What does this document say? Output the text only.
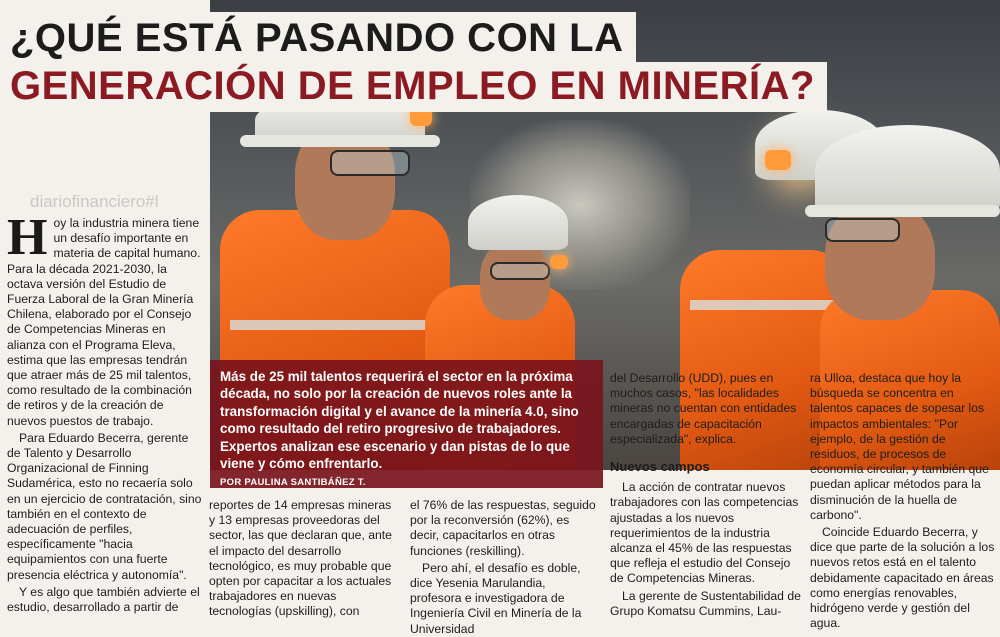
¿QUÉ ESTÁ PASANDO CON LA
GENERACIÓN DE EMPLEO EN MINERÍA?
diariofinanciero#l

Hoy la industria minera tiene un desafío importante en materia de capital humano. Para la década 2021-2030, la octava versión del Estudio de Fuerza Laboral de la Gran Minería Chilena, elaborado por el Consejo de Competencias Mineras en alianza con el Programa Eleva, estima que las empresas tendrán que atraer más de 25 mil talentos, como resultado de la combinación de retiros y de la creación de nuevos puestos de trabajo.

Para Eduardo Becerra, gerente de Talento y Desarrollo Organizacional de Finning Sudamérica, esto no recaería solo en un ejercicio de contratación, sino también en el contexto de adecuación de perfiles, específicamente "hacia equipamientos con una fuerte presencia eléctrica y autonomía".

Y es algo que también advierte el estudio, desarrollado a partir de

Más de 25 mil talentos requerirá el sector en la próxima década, no solo por la creación de nuevos roles ante la transformación digital y el avance de la minería 4.0, sino como resultado del retiro progresivo de trabajadores. Expertos analizan ese escenario y dan pistas de lo que viene y cómo enfrentarlo.
POR PAULINA SANTIBÁÑEZ T.

reportes de 14 empresas mineras y 13 empresas proveedoras del sector, las que declaran que, ante el impacto del desarrollo tecnológico, es muy probable que opten por capacitar a los actuales trabajadores en nuevas tecnologías (upskilling), con

el 76% de las respuestas, seguido por la reconversión (62%), es decir, capacitarlos en otras funciones (reskilling).

Pero ahí, el desafío es doble, dice Yesenia Marulandia, profesora e investigadora de Ingeniería Civil en Minería de la Universidad

del Desarrollo (UDD), pues en muchos casos, "las localidades mineras no cuentan con entidades encargadas de capacitación especializada", explica.

Nuevos campos

La acción de contratar nuevos trabajadores con las competencias ajustadas a los nuevos requerimientos de la industria alcanza el 45% de las respuestas que refleja el estudio del Consejo de Competencias Mineras.

La gerente de Sustentabilidad de Grupo Komatsu Cummins, Lau-

ra Ulloa, destaca que hoy la búsqueda se concentra en talentos capaces de sopesar los impactos ambientales: "Por ejemplo, de la gestión de residuos, de procesos de economía circular, y también que puedan aplicar métodos para la disminución de la huella de carbono".

Coincide Eduardo Becerra, y dice que parte de la solución a los nuevos retos está en el talento debidamente capacitado en áreas como energías renovables, hidrógeno verde y gestión del agua.
